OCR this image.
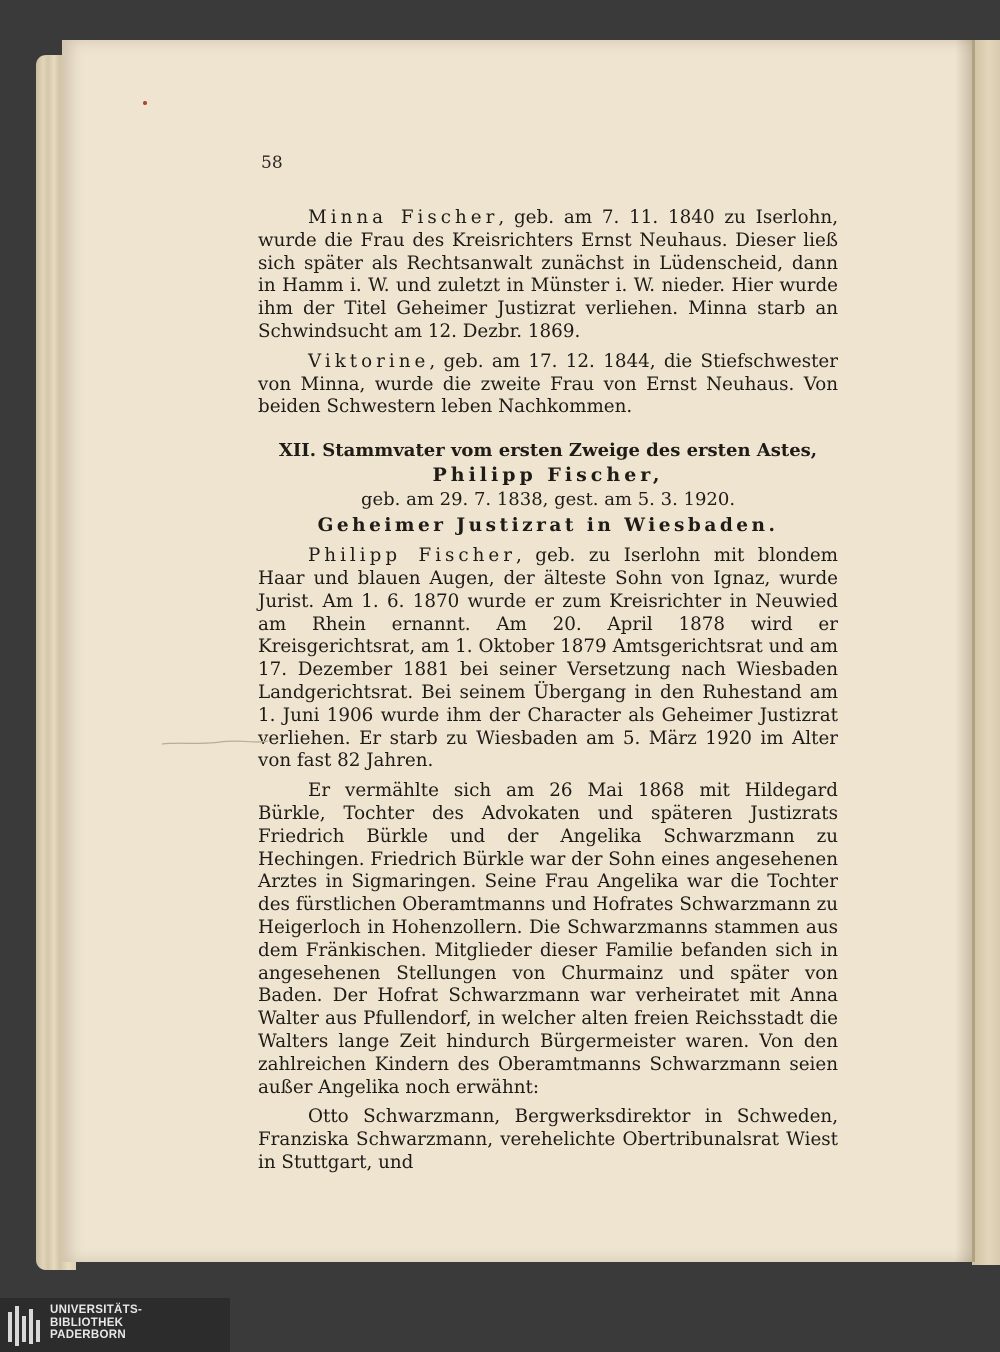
58

Minna Fischer, geb. am 7. 11. 1840 zu Iserlohn, wurde die Frau des Kreisrichters Ernst Neuhaus. Dieser ließ sich später als Rechtsanwalt zunächst in Lüdenscheid, dann in Hamm i. W. und zuletzt in Münster i. W. nieder. Hier wurde ihm der Titel Geheimer Justizrat verliehen. Minna starb an Schwindsucht am 12. Dezbr. 1869.

Viktorine, geb. am 17. 12. 1844, die Stiefschwester von Minna, wurde die zweite Frau von Ernst Neuhaus. Von beiden Schwestern leben Nachkommen.

XII. Stammvater vom ersten Zweige des ersten Astes,
Philipp Fischer,
geb. am 29. 7. 1838, gest. am 5. 3. 1920.
Geheimer Justizrat in Wiesbaden.

Philipp Fischer, geb. zu Iserlohn mit blondem Haar und blauen Augen, der älteste Sohn von Ignaz, wurde Jurist. Am 1. 6. 1870 wurde er zum Kreisrichter in Neuwied am Rhein ernannt. Am 20. April 1878 wird er Kreisgerichtsrat, am 1. Oktober 1879 Amtsgerichtsrat und am 17. Dezember 1881 bei seiner Versetzung nach Wiesbaden Landgerichtsrat. Bei seinem Übergang in den Ruhestand am 1. Juni 1906 wurde ihm der Character als Geheimer Justizrat verliehen. Er starb zu Wiesbaden am 5. März 1920 im Alter von fast 82 Jahren.

Er vermählte sich am 26 Mai 1868 mit Hildegard Bürkle, Tochter des Advokaten und späteren Justizrats Friedrich Bürkle und der Angelika Schwarzmann zu Hechingen. Friedrich Bürkle war der Sohn eines angesehenen Arztes in Sigmaringen. Seine Frau Angelika war die Tochter des fürstlichen Oberamtmanns und Hofrates Schwarzmann zu Heigerloch in Hohenzollern. Die Schwarzmanns stammen aus dem Fränkischen. Mitglieder dieser Familie befanden sich in angesehenen Stellungen von Churmainz und später von Baden. Der Hofrat Schwarzmann war verheiratet mit Anna Walter aus Pfullendorf, in welcher alten freien Reichsstadt die Walters lange Zeit hindurch Bürgermeister waren. Von den zahlreichen Kindern des Oberamtmanns Schwarzmann seien außer Angelika noch erwähnt:

Otto Schwarzmann, Bergwerksdirektor in Schweden, Franziska Schwarzmann, verehelichte Obertribunalsrat Wiest in Stuttgart, und

UNIVERSITÄTS-
BIBLIOTHEK
PADERBORN
